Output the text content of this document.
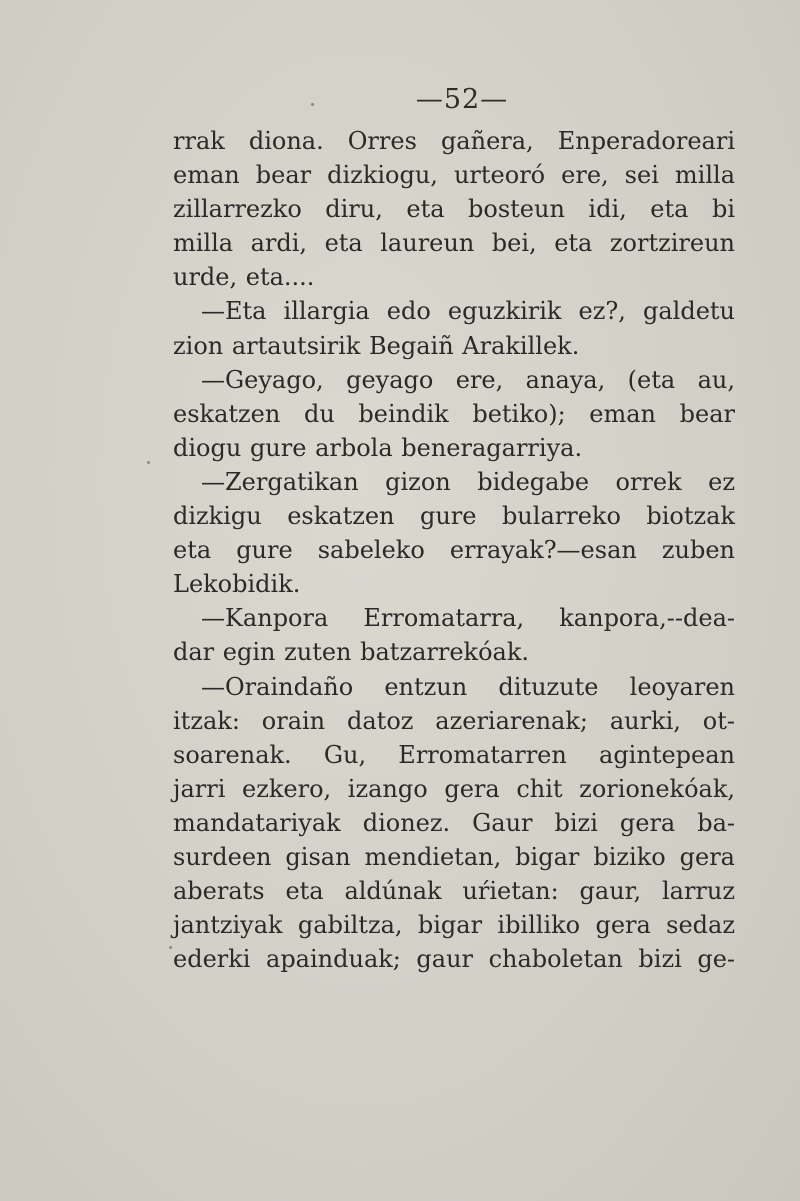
—52—
rrak diona. Orres gañera, Enperadoreari
eman bear dizkiogu, urteoró ere, sei milla
zillarrezko diru, eta bosteun idi, eta bi
milla ardi, eta laureun bei, eta zortzireun
urde, eta....
—Eta illargia edo eguzkirik ez?, galdetu
zion artautsirik Begaiñ Arakillek.
—Geyago, geyago ere, anaya, (eta au,
eskatzen du beindik betiko); eman bear
diogu gure arbola beneragarriya.
—Zergatikan gizon bidegabe orrek ez
dizkigu eskatzen gure bularreko biotzak
eta gure sabeleko errayak?—esan zuben
Lekobidik.
—Kanpora Erromatarra, kanpora,--dea-
dar egin zuten batzarrekóak.
—Oraindaño entzun dituzute leoyaren
itzak: orain datoz azeriarenak; aurki, ot-
soarenak. Gu, Erromatarren agintepean
jarri ezkero, izango gera chit zorionekóak,
mandatariyak dionez. Gaur bizi gera ba-
surdeen gisan mendietan, bigar biziko gera
aberats eta aldúnak uŕietan: gaur, larruz
jantziyak gabiltza, bigar ibilliko gera sedaz
ederki apainduak; gaur chaboletan bizi ge-
